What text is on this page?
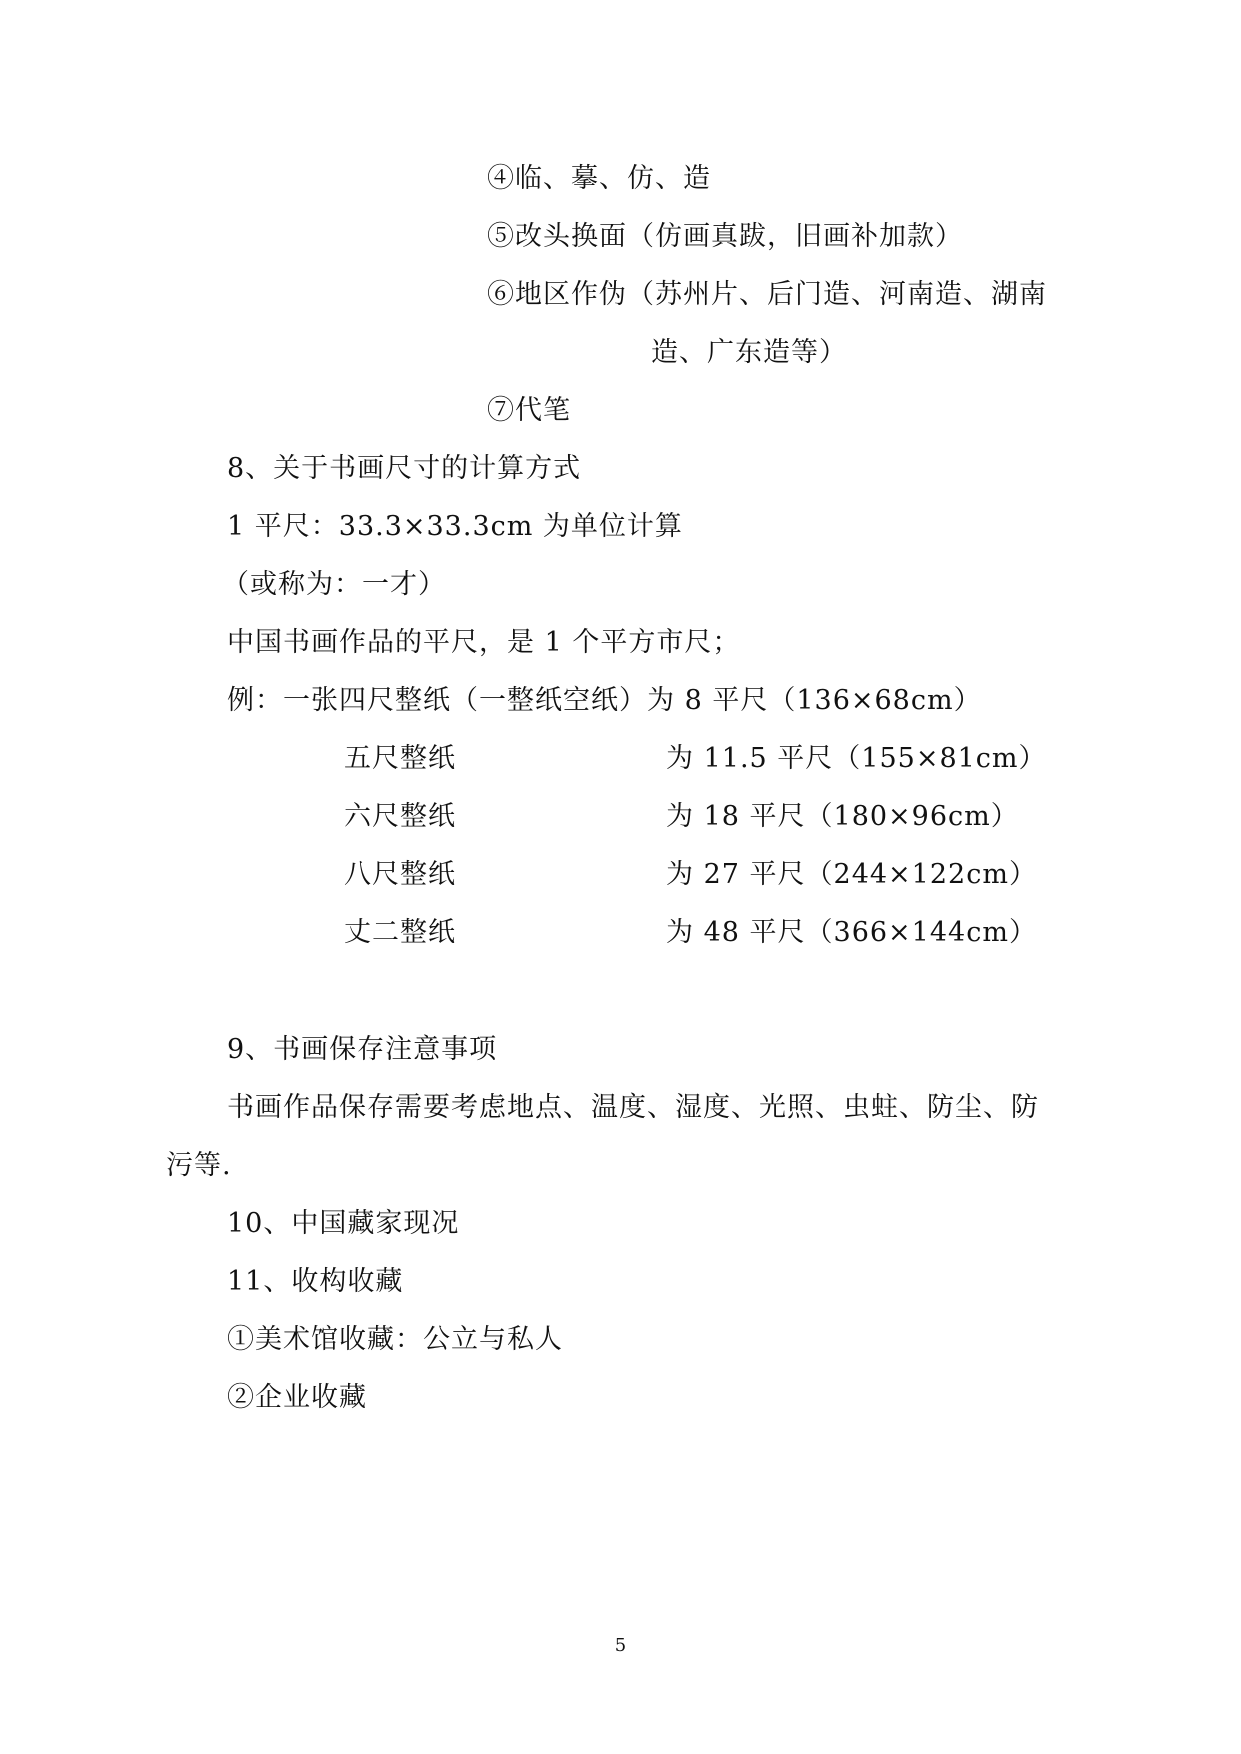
④临、摹、仿、造
⑤改头换面（仿画真跋，旧画补加款）
⑥地区作伪（苏州片、后门造、河南造、湖南
造、广东造等）
⑦代笔
8、关于书画尺寸的计算方式
1 平尺：33.3×33.3cm 为单位计算
（或称为：一才）
中国书画作品的平尺，是 1 个平方市尺；
例：一张四尺整纸（一整纸空纸）为 8 平尺（136×68cm）
五尺整纸	为 11.5 平尺（155×81cm）
六尺整纸	为 18 平尺（180×96cm）
八尺整纸	为 27 平尺（244×122cm）
丈二整纸	为 48 平尺（366×144cm）
9、书画保存注意事项
书画作品保存需要考虑地点、温度、湿度、光照、虫蛀、防尘、防
污等.
10、中国藏家现况
11、收构收藏
①美术馆收藏：公立与私人
②企业收藏
5
